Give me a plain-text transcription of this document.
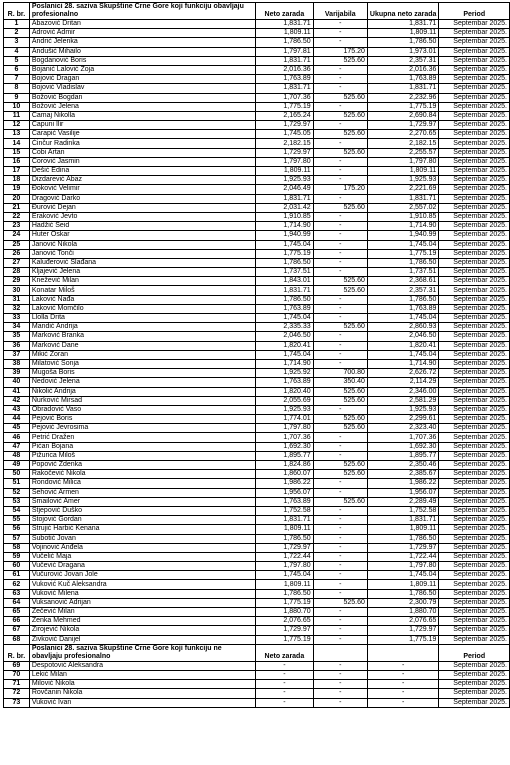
R. br.	Poslanici 28. saziva Skupštine Crne Gore koji funkciju obavljaju profesionalno	Neto zarada	Varijabila	Ukupna neto zarada	Period
1	Abazović Dritan	1,831.71	-	1,831.71	Septembar 2025.
2	Adrović Admir	1,809.11	-	1,809.11	Septembar 2025.
3	Andrić Jelenka	1,786.50	-	1,786.50	Septembar 2025.
4	Andušić Mihailo	1,797.81	175.20	1,973.01	Septembar 2025.
5	Bogdanović Boris	1,831.71	525.60	2,357.31	Septembar 2025.
6	Bojanić Lalović Zoja	2,016.36	-	2,016.36	Septembar 2025.
7	Bojović Dragan	1,763.89	-	1,763.89	Septembar 2025.
8	Bojović Vladislav	1,831.71	-	1,831.71	Septembar 2025.
9	Božović Bogdan	1,707.36	525.60	2,232.96	Septembar 2025.
10	Božović Jelena	1,775.19	-	1,775.19	Septembar 2025.
11	Camaj Nikolla	2,165.24	525.60	2,690.84	Septembar 2025.
12	Čapuni Ilir	1,729.97	-	1,729.97	Septembar 2025.
13	Čarapić Vasilije	1,745.05	525.60	2,270.65	Septembar 2025.
14	Činčur Radinka	2,182.15	-	2,182.15	Septembar 2025.
15	Čobi Artan	1,729.97	525.60	2,255.57	Septembar 2025.
16	Ćorović Jasmin	1,797.80	-	1,797.80	Septembar 2025.
17	Dešić Edina	1,809.11	-	1,809.11	Septembar 2025.
18	Dizdarević Abaz	1,925.93	-	1,925.93	Septembar 2025.
19	Đoković Velimir	2,046.49	175.20	2,221.69	Septembar 2025.
20	Dragović Darko	1,831.71	-	1,831.71	Septembar 2025.
21	Đurović Dejan	2,031.42	525.60	2,557.02	Septembar 2025.
22	Eraković Jevto	1,910.85	-	1,910.85	Septembar 2025.
23	Hadžić Seid	1,714.90	-	1,714.90	Septembar 2025.
24	Huter Oskar	1,940.99	-	1,940.99	Septembar 2025.
25	Janović Nikola	1,745.04	-	1,745.04	Septembar 2025.
26	Janović Tonči	1,775.19	-	1,775.19	Septembar 2025.
27	Kaluđerović Slađana	1,786.50	-	1,786.50	Septembar 2025.
28	Kljajević Jelena	1,737.51	-	1,737.51	Septembar 2025.
29	Knežević Milan	1,843.01	525.60	2,368.61	Septembar 2025.
30	Konatar Miloš	1,831.71	525.60	2,357.31	Septembar 2025.
31	Laković Nađa	1,786.50	-	1,786.50	Septembar 2025.
32	Laković Momčilo	1,763.89	-	1,763.89	Septembar 2025.
33	Llolla Drita	1,745.04	-	1,745.04	Septembar 2025.
34	Mandić Andrija	2,335.33	525.60	2,860.93	Septembar 2025.
35	Marković Branka	2,046.50	-	2,046.50	Septembar 2025.
36	Marković Dane	1,820.41	-	1,820.41	Septembar 2025.
37	Mikić Zoran	1,745.04	-	1,745.04	Septembar 2025.
38	Milatović Sonja	1,714.90	-	1,714.90	Septembar 2025.
39	Mugoša Boris	1,925.92	700.80	2,626.72	Septembar 2025.
40	Nedović Jelena	1,763.89	350.40	2,114.29	Septembar 2025.
41	Nikolić Andrija	1,820.40	525.60	2,346.00	Septembar 2025.
42	Nurković Mirsad	2,055.69	525.60	2,581.29	Septembar 2025.
43	Obradović Vaso	1,925.93	-	1,925.93	Septembar 2025.
44	Pejović Boris	1,774.01	525.60	2,299.61	Septembar 2025.
45	Pejović Jevrosima	1,797.80	525.60	2,323.40	Septembar 2025.
46	Petrić Dražen	1,707.36	-	1,707.36	Septembar 2025.
47	Pićan Bojana	1,692.30	-	1,692.30	Septembar 2025.
48	Pižurica Miloš	1,895.77	-	1,895.77	Septembar 2025.
49	Popović Zdenka	1,824.86	525.60	2,350.46	Septembar 2025.
50	Rakočević Nikola	1,860.07	525.60	2,385.67	Septembar 2025.
51	Rondović Milica	1,986.22	-	1,986.22	Septembar 2025.
52	Šehović Armen	1,956.07	-	1,956.07	Septembar 2025.
53	Smailović Amer	1,763.89	525.60	2,289.49	Septembar 2025.
54	Stjepović Duško	1,752.58	-	1,752.58	Septembar 2025.
55	Stojović Gordan	1,831.71	-	1,831.71	Septembar 2025.
56	Strujić Harbić Kenana	1,809.11	-	1,809.11	Septembar 2025.
57	Subotić Jovan	1,786.50	-	1,786.50	Septembar 2025.
58	Vojinović Anđela	1,729.97	-	1,729.97	Septembar 2025.
59	Vučelić Maja	1,722.44	-	1,722.44	Septembar 2025.
60	Vučević Dragana	1,797.80	-	1,797.80	Septembar 2025.
61	Vučurović Jovan Jole	1,745.04	-	1,745.04	Septembar 2025.
62	Vuković Kuč Aleksandra	1,809.11	-	1,809.11	Septembar 2025.
63	Vuković Milena	1,786.50	-	1,786.50	Septembar 2025.
64	Vuksanović Adrijan	1,775.19	525.60	2,300.79	Septembar 2025.
65	Zečević Milan	1,880.70	-	1,880.70	Septembar 2025.
66	Zenka Mehmed	2,076.65	-	2,076.65	Septembar 2025.
67	Zirojević Nikola	1,729.97	-	1,729.97	Septembar 2025.
68	Živković Danijel	1,775.19	-	1,775.19	Septembar 2025.
R. br.	Poslanici 28. saziva Skupštine Crne Gore koji funkciju ne obavljaju profesionalno	Neto zarada			Period
69	Despotović Aleksandra	-	-	-	Septembar 2025.
70	Lekić Milan	-	-	-	Septembar 2025.
71	Milović Nikola	-	-	-	Septembar 2025.
72	Rovčanin Nikola	-	-	-	Septembar 2025.
73	Vuković Ivan	-	-	-	Septembar 2025.
